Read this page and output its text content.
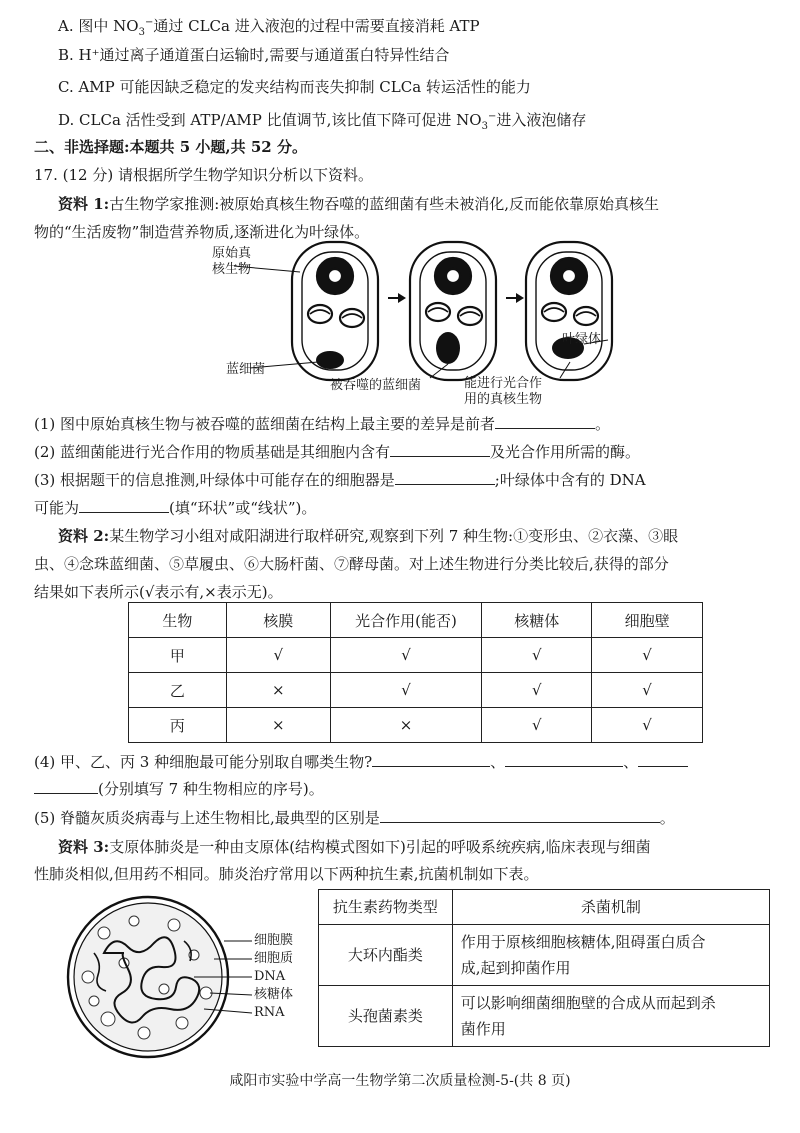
A. 图中 $NO_3^-$通过 CLCa 进入液泡的过程中需要直接消耗 ATP
B. H⁺通过离子通道蛋白运输时,需要与通道蛋白特异性结合
C. AMP 可能因缺乏稳定的发夹结构而丧失抑制 CLCa 转运活性的能力
D. CLCa 活性受到 ATP/AMP 比值调节,该比值下降可促进 $NO_3^-$进入液泡储存
二、非选择题:本题共 5 小题,共 52 分。
17. (12 分) 请根据所学生物学知识分析以下资料。
资料 1:古生物学家推测:被原始真核生物吞噬的蓝细菌有些未被消化,反而能依靠原始真核生
物的“生活废物”制造营养物质,逐渐进化为叶绿体。
原始真
核生物
蓝细菌
被吞噬的蓝细菌	能进行光合作
用的真核生物
叶绿体
(1) 图中原始真核生物与被吞噬的蓝细菌在结构上最主要的差异是前者	。
(2) 蓝细菌能进行光合作用的物质基础是其细胞内含有	及光合作用所需的酶。
(3) 根据题干的信息推测,叶绿体中可能存在的细胞器是	;叶绿体中含有的 DNA
可能为	(填“环状”或“线状”)。
资料 2:某生物学习小组对咸阳湖进行取样研究,观察到下列 7 种生物:①变形虫、②衣藻、③眼
虫、④念珠蓝细菌、⑤草履虫、⑥大肠杆菌、⑦酵母菌。对上述生物进行分类比较后,获得的部分
结果如下表所示(√表示有,×表示无)。
生物	核膜	光合作用(能否)	核糖体	细胞壁
甲	√	√	√	√
乙	×	√	√	√
丙	×	×	√	√
(4) 甲、乙、丙 3 种细胞最可能分别取自哪类生物?	、	、
(分别填写 7 种生物相应的序号)。
(5) 脊髓灰质炎病毒与上述生物相比,最典型的区别是	。
资料 3:支原体肺炎是一种由支原体(结构模式图如下)引起的呼吸系统疾病,临床表现与细菌
性肺炎相似,但用药不相同。肺炎治疗常用以下两种抗生素,抗菌机制如下表。
细胞膜
细胞质
DNA
核糖体
RNA
抗生素药物类型	杀菌机制
大环内酯类	作用于原核细胞核糖体,阻碍蛋白质合
成,起到抑菌作用
头孢菌素类	可以影响细菌细胞壁的合成从而起到杀
菌作用
咸阳市实验中学高一生物学第二次质量检测-5-(共 8 页)
